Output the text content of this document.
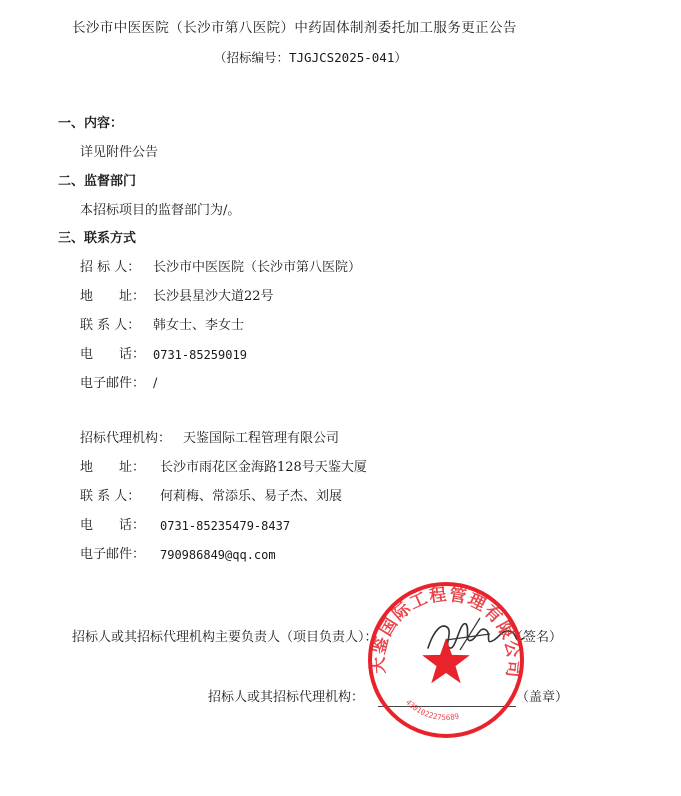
长沙市中医医院（长沙市第八医院）中药固体制剂委托加工服务更正公告
（招标编号：TJGJCS2025-041）
一、内容：
详见附件公告
二、监督部门
本招标项目的监督部门为/。
三、联系方式
招 标 人： 长沙市中医医院（长沙市第八医院）
地　　址： 长沙县星沙大道22号
联 系 人： 韩女士、李女士
电　　话： 0731-85259019
电子邮件： /
招标代理机构： 天鉴国际工程管理有限公司
地　　址： 长沙市雨花区金海路128号天鉴大厦
联 系 人： 何莉梅、常添乐、易子杰、刘展
电　　话： 0731-85235479-8437
电子邮件： 790986849@qq.com
招标人或其招标代理机构主要负责人（项目负责人）：	（签名）
招标人或其招标代理机构：	（盖章）
天鉴国际工程管理有限公司
4301022275689
